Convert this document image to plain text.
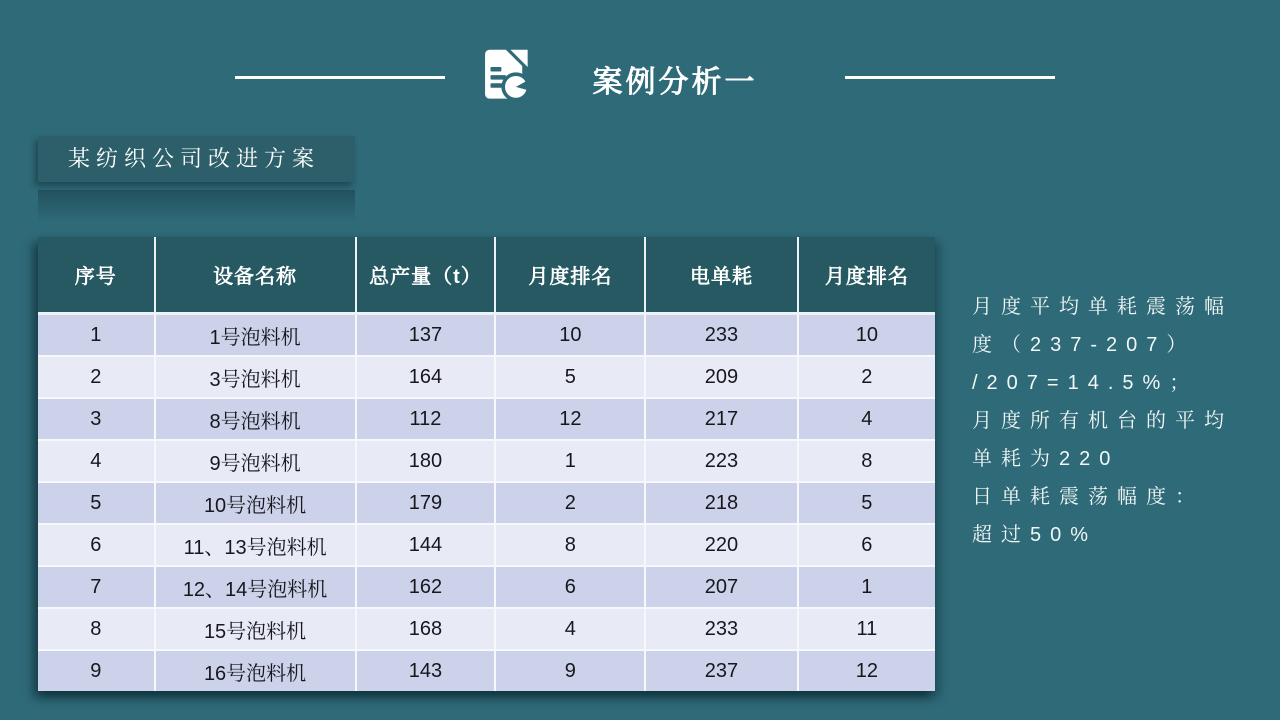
案例分析一
某纺织公司改进方案
序号	设备名称	总产量（t）	月度排名	电单耗	月度排名
1	1号泡料机	137	10	233	10
2	3号泡料机	164	5	209	2
3	8号泡料机	112	12	217	4
4	9号泡料机	180	1	223	8
5	10号泡料机	179	2	218	5
6	11、13号泡料机	144	8	220	6
7	12、14号泡料机	162	6	207	1
8	15号泡料机	168	4	233	11
9	16号泡料机	143	9	237	12
月度平均单耗震荡幅
度（237-207）
/207=14.5%；
月度所有机台的平均
单耗为220
日单耗震荡幅度：
超过50%
